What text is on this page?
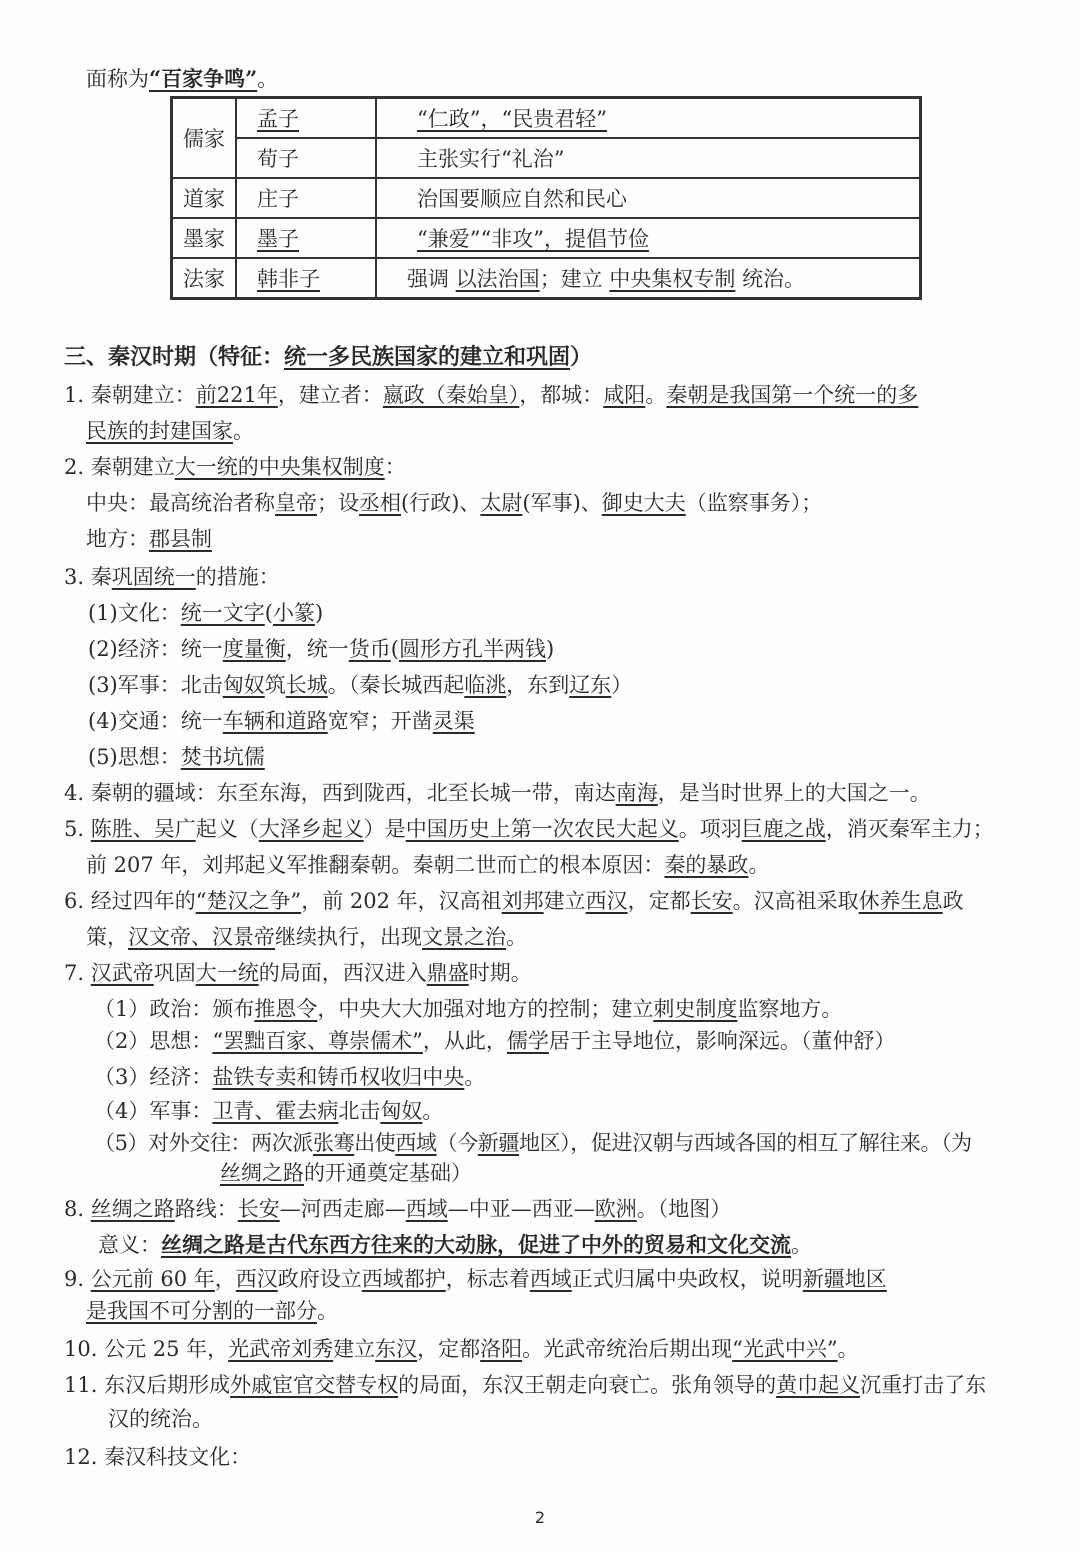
面称为“百家争鸣”。
儒家	孟子	“仁政”，“民贵君轻”
	荀子	主张实行“礼治”
道家	庄子	治国要顺应自然和民心
墨家	墨子	“兼爱”“非攻”，提倡节俭
法家	韩非子	强调 以法治国；建立 中央集权专制 统治。
三、秦汉时期（特征：统一多民族国家的建立和巩固）
1. 秦朝建立：前221年，建立者：嬴政（秦始皇），都城：咸阳。秦朝是我国第一个统一的多
民族的封建国家。
2. 秦朝建立大一统的中央集权制度：
中央：最高统治者称皇帝；设丞相(行政)、太尉(军事)、御史大夫（监察事务）；
地方：郡县制
3. 秦巩固统一的措施：
(1)文化：统一文字(小篆)
(2)经济：统一度量衡，统一货币(圆形方孔半两钱)
(3)军事：北击匈奴筑长城。（秦长城西起临洮，东到辽东）
(4)交通：统一车辆和道路宽窄；开凿灵渠
(5)思想：焚书坑儒
4. 秦朝的疆域：东至东海，西到陇西，北至长城一带，南达南海，是当时世界上的大国之一。
5. 陈胜、吴广起义（大泽乡起义）是中国历史上第一次农民大起义。项羽巨鹿之战，消灭秦军主力；
前 207 年，刘邦起义军推翻秦朝。秦朝二世而亡的根本原因：秦的暴政。
6. 经过四年的“楚汉之争”，前 202 年，汉高祖刘邦建立西汉，定都长安。汉高祖采取休养生息政
策，汉文帝、汉景帝继续执行，出现文景之治。
7. 汉武帝巩固大一统的局面，西汉进入鼎盛时期。
（1）政治：颁布推恩令，中央大大加强对地方的控制；建立刺史制度监察地方。
（2）思想：“罢黜百家、尊崇儒术”，从此，儒学居于主导地位，影响深远。（董仲舒）
（3）经济：盐铁专卖和铸币权收归中央。
（4）军事：卫青、霍去病北击匈奴。
（5）对外交往：两次派张骞出使西域（今新疆地区），促进汉朝与西域各国的相互了解往来。（为
丝绸之路的开通奠定基础）
8. 丝绸之路路线：长安—河西走廊—西域—中亚—西亚—欧洲。（地图）
意义：丝绸之路是古代东西方往来的大动脉，促进了中外的贸易和文化交流。
9. 公元前 60 年，西汉政府设立西域都护，标志着西域正式归属中央政权，说明新疆地区
是我国不可分割的一部分。
10. 公元 25 年，光武帝刘秀建立东汉，定都洛阳。光武帝统治后期出现“光武中兴”。
11. 东汉后期形成外戚宦官交替专权的局面，东汉王朝走向衰亡。张角领导的黄巾起义沉重打击了东
汉的统治。
12. 秦汉科技文化：
2
